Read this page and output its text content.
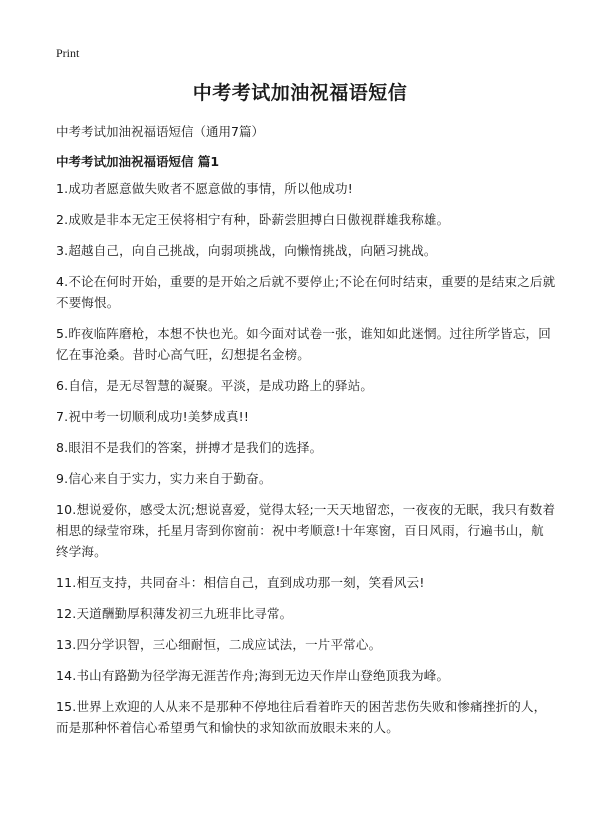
Print
中考考试加油祝福语短信

中考考试加油祝福语短信（通用7篇）

中考考试加油祝福语短信 篇1

1.成功者愿意做失败者不愿意做的事情，所以他成功!
2.成败是非本无定王侯将相宁有种，卧薪尝胆搏白日傲视群雄我称雄。
3.超越自己，向自己挑战，向弱项挑战，向懒惰挑战，向陋习挑战。
4.不论在何时开始，重要的是开始之后就不要停止;不论在何时结束，重要的是结束之后就不要悔恨。
5.昨夜临阵磨枪，本想不快也光。如今面对试卷一张，谁知如此迷惘。过往所学皆忘，回忆在事沧桑。昔时心高气旺，幻想提名金榜。
6.自信，是无尽智慧的凝聚。平淡，是成功路上的驿站。
7.祝中考一切顺利成功!美梦成真!!
8.眼泪不是我们的答案，拼搏才是我们的选择。
9.信心来自于实力，实力来自于勤奋。
10.想说爱你，感受太沉;想说喜爱，觉得太轻;一天天地留恋，一夜夜的无眠，我只有数着相思的绿莹帘珠，托星月寄到你窗前：祝中考顺意!十年寒窗，百日风雨，行遍书山，航终学海。
11.相互支持，共同奋斗：相信自己，直到成功那一刻，笑看风云!
12.天道酬勤厚积薄发初三九班非比寻常。
13.四分学识智，三心细耐恒，二成应试法，一片平常心。
14.书山有路勤为径学海无涯苦作舟;海到无边天作岸山登绝顶我为峰。
15.世界上欢迎的人从来不是那种不停地往后看着昨天的困苦悲伤失败和惨痛挫折的人，而是那种怀着信心希望勇气和愉快的求知欲而放眼未来的人。
